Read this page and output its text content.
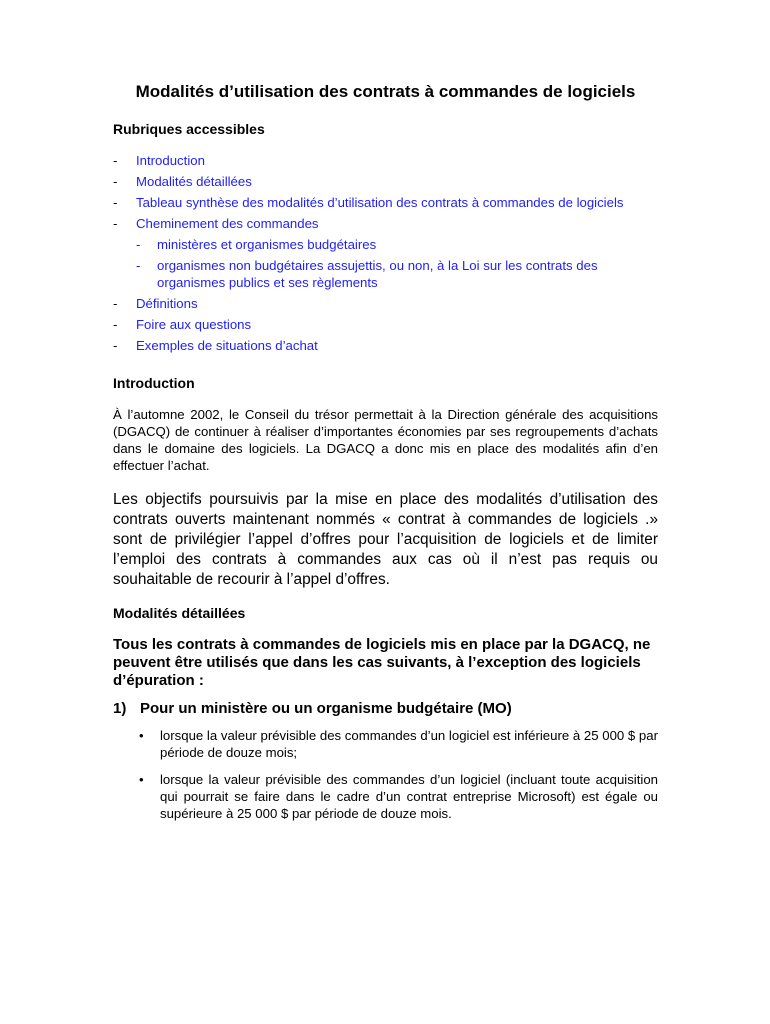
Modalités d’utilisation des contrats à commandes de logiciels
Rubriques accessibles
- Introduction
- Modalités détaillées
- Tableau synthèse des modalités d’utilisation des contrats à commandes de logiciels
- Cheminement des commandes
- ministères et organismes budgétaires
- organismes non budgétaires assujettis, ou non, à la Loi sur les contrats des organismes publics et ses règlements
- Définitions
- Foire aux questions
- Exemples de situations d’achat
Introduction

À l’automne 2002, le Conseil du trésor permettait à la Direction générale des acquisitions (DGACQ) de continuer à réaliser d’importantes économies par ses regroupements d’achats dans le domaine des logiciels. La DGACQ a donc mis en place des modalités afin d’en effectuer l’achat.

Les objectifs poursuivis par la mise en place des modalités d’utilisation des contrats ouverts maintenant nommés « contrat à commandes de logiciels .» sont de privilégier l’appel d’offres pour l’acquisition de logiciels et de limiter l’emploi des contrats à commandes aux cas où il n’est pas requis ou souhaitable de recourir à l’appel d’offres.

Modalités détaillées

Tous les contrats à commandes de logiciels mis en place par la DGACQ, ne peuvent être utilisés que dans les cas suivants, à l’exception des logiciels d’épuration :

1) Pour un ministère ou un organisme budgétaire (MO)
• lorsque la valeur prévisible des commandes d’un logiciel est inférieure à 25 000 $ par période de douze mois;
• lorsque la valeur prévisible des commandes d’un logiciel (incluant toute acquisition qui pourrait se faire dans le cadre d’un contrat entreprise Microsoft) est égale ou supérieure à 25 000 $ par période de douze mois.
